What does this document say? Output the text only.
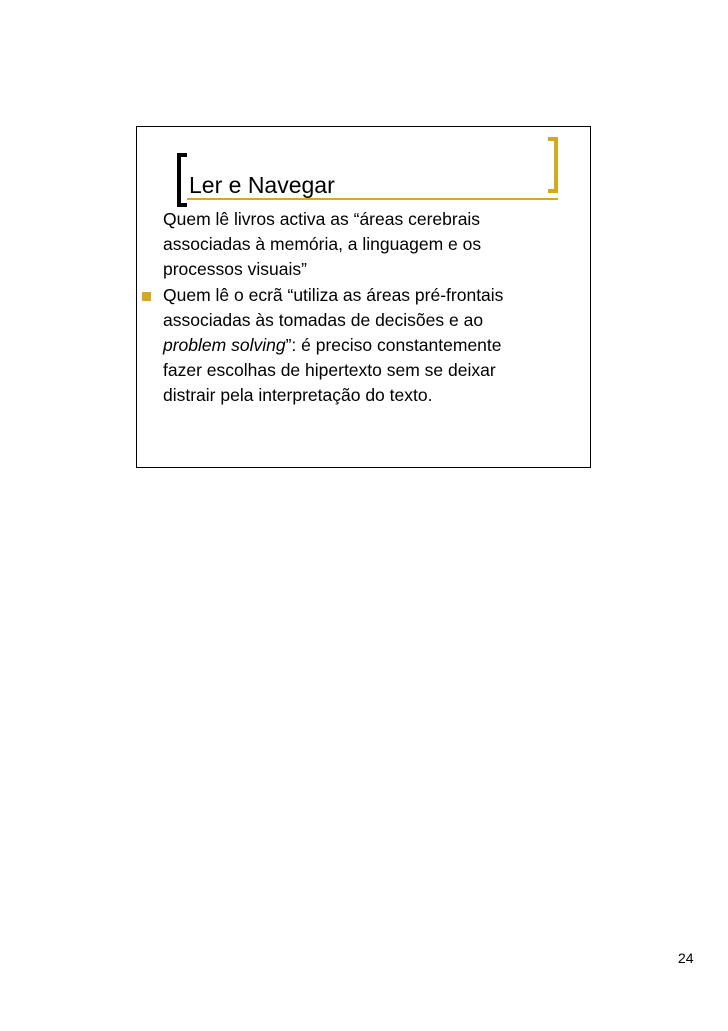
Ler e Navegar

Quem lê livros activa as “áreas cerebrais
associadas à memória, a linguagem e os
processos visuais”

Quem lê o ecrã “utiliza as áreas pré-frontais
associadas às tomadas de decisões e ao
problem solving”: é preciso constantemente
fazer escolhas de hipertexto sem se deixar
distrair pela interpretação do texto.

24
